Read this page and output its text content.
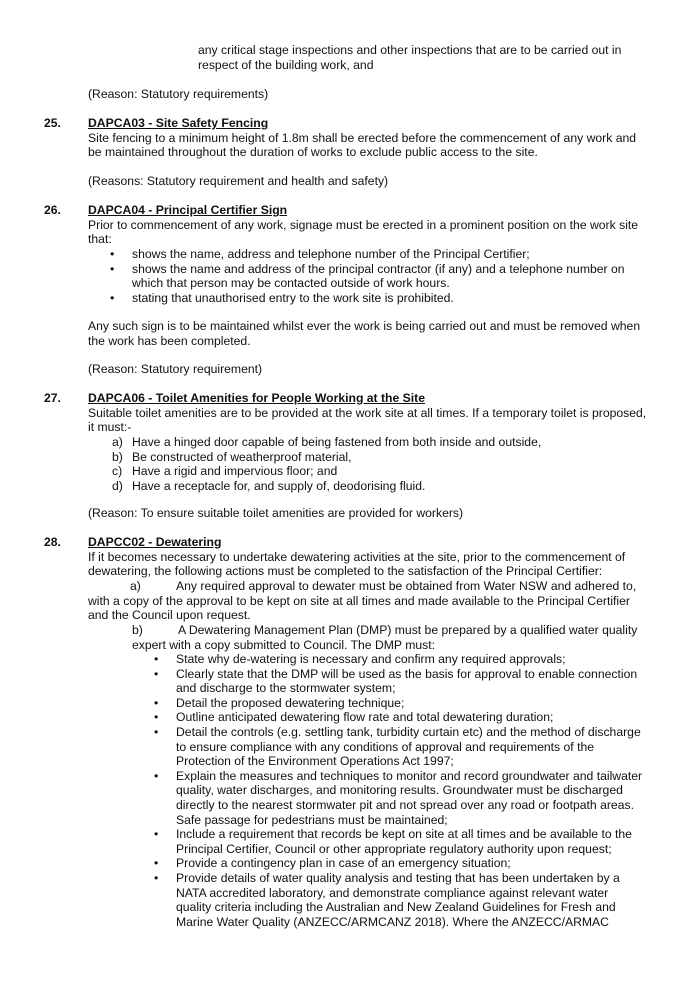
any critical stage inspections and other inspections that are to be carried out in respect of the building work, and

(Reason: Statutory requirements)

25. DAPCA03 - Site Safety Fencing

Site fencing to a minimum height of 1.8m shall be erected before the commencement of any work and be maintained throughout the duration of works to exclude public access to the site.

(Reasons: Statutory requirement and health and safety)

26. DAPCA04 - Principal Certifier Sign

Prior to commencement of any work, signage must be erected in a prominent position on the work site that:

• shows the name, address and telephone number of the Principal Certifier;
• shows the name and address of the principal contractor (if any) and a telephone number on which that person may be contacted outside of work hours.
• stating that unauthorised entry to the work site is prohibited.

Any such sign is to be maintained whilst ever the work is being carried out and must be removed when the work has been completed.

(Reason: Statutory requirement)

27. DAPCA06 - Toilet Amenities for People Working at the Site

Suitable toilet amenities are to be provided at the work site at all times. If a temporary toilet is proposed, it must:-

a) Have a hinged door capable of being fastened from both inside and outside,
b) Be constructed of weatherproof material,
c) Have a rigid and impervious floor; and
d) Have a receptacle for, and supply of, deodorising fluid.

(Reason: To ensure suitable toilet amenities are provided for workers)

28. DAPCC02 - Dewatering

If it becomes necessary to undertake dewatering activities at the site, prior to the commencement of dewatering, the following actions must be completed to the satisfaction of the Principal Certifier:

a)	Any required approval to dewater must be obtained from Water NSW and adhered to, with a copy of the approval to be kept on site at all times and made available to the Principal Certifier and the Council upon request.

b)	A Dewatering Management Plan (DMP) must be prepared by a qualified water quality expert with a copy submitted to Council. The DMP must:

• State why de-watering is necessary and confirm any required approvals;
• Clearly state that the DMP will be used as the basis for approval to enable connection and discharge to the stormwater system;
• Detail the proposed dewatering technique;
• Outline anticipated dewatering flow rate and total dewatering duration;
• Detail the controls (e.g. settling tank, turbidity curtain etc) and the method of discharge to ensure compliance with any conditions of approval and requirements of the Protection of the Environment Operations Act 1997;
• Explain the measures and techniques to monitor and record groundwater and tailwater quality, water discharges, and monitoring results. Groundwater must be discharged directly to the nearest stormwater pit and not spread over any road or footpath areas. Safe passage for pedestrians must be maintained;
• Include a requirement that records be kept on site at all times and be available to the Principal Certifier, Council or other appropriate regulatory authority upon request;
• Provide a contingency plan in case of an emergency situation;
• Provide details of water quality analysis and testing that has been undertaken by a NATA accredited laboratory, and demonstrate compliance against relevant water quality criteria including the Australian and New Zealand Guidelines for Fresh and Marine Water Quality (ANZECC/ARMCANZ 2018). Where the ANZECC/ARMAC
